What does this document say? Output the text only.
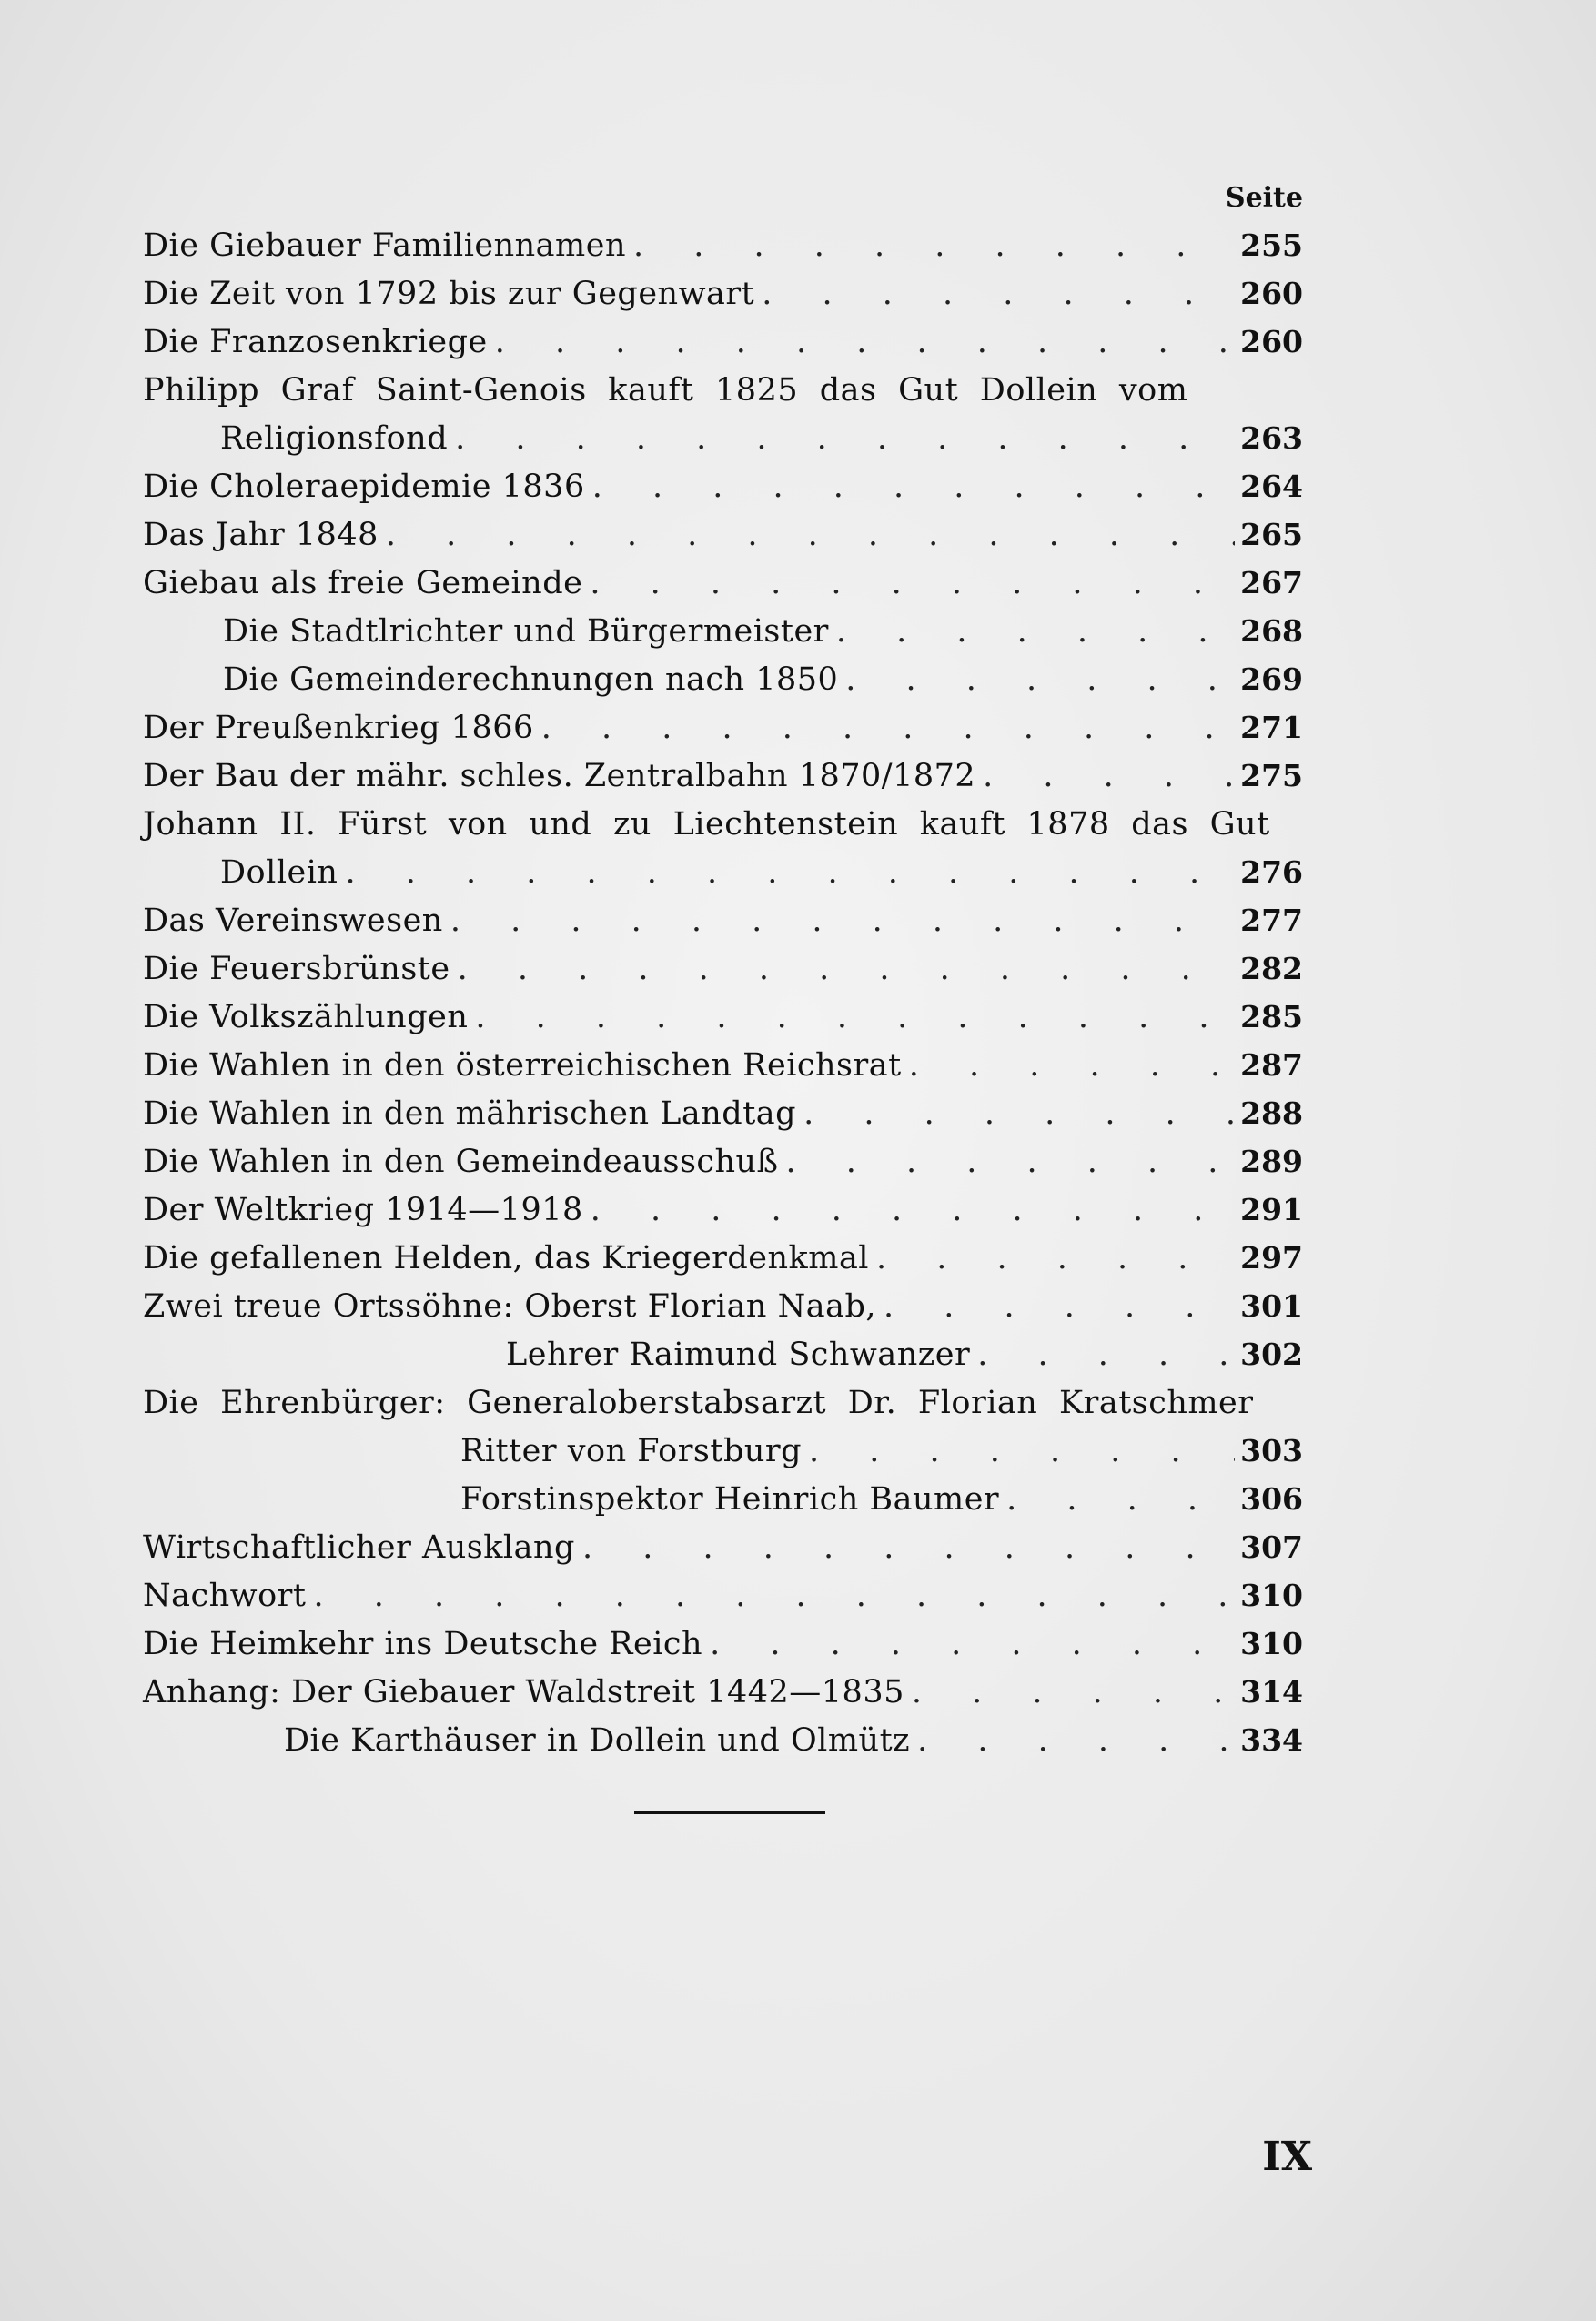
Seite
Die Giebauer Familiennamen . . .	255
Die Zeit von 1792 bis zur Gegenwart . . .	260
Die Franzosenkriege . . .	260
Philipp Graf Saint-Genois kauft 1825 das Gut Dollein vom
Religionsfond . . .	263
Die Choleraepidemie 1836 . . .	264
Das Jahr 1848 . . .	265
Giebau als freie Gemeinde . . .	267
Die Stadtlrichter und Bürgermeister . . .	268
Die Gemeinderechnungen nach 1850 . . .	269
Der Preußenkrieg 1866 . . .	271
Der Bau der mähr. schles. Zentralbahn 1870/1872 . . .	275
Johann II. Fürst von und zu Liechtenstein kauft 1878 das Gut
Dollein . . .	276
Das Vereinswesen . . .	277
Die Feuersbrünste . . .	282
Die Volkszählungen . . .	285
Die Wahlen in den österreichischen Reichsrat . . .	287
Die Wahlen in den mährischen Landtag . . .	288
Die Wahlen in den Gemeindeausschuß . . .	289
Der Weltkrieg 1914—1918 . . .	291
Die gefallenen Helden, das Kriegerdenkmal . . .	297
Zwei treue Ortssöhne: Oberst Florian Naab, . . .	301
Lehrer Raimund Schwanzer . . .	302
Die Ehrenbürger: Generaloberstabsarzt Dr. Florian Kratschmer
Ritter von Forstburg . . .	303
Forstinspektor Heinrich Baumer . . .	306
Wirtschaftlicher Ausklang . . .	307
Nachwort . . .	310
Die Heimkehr ins Deutsche Reich . . .	310
Anhang: Der Giebauer Waldstreit 1442—1835 . . .	314
Die Karthäuser in Dollein und Olmütz . . .	334
IX
